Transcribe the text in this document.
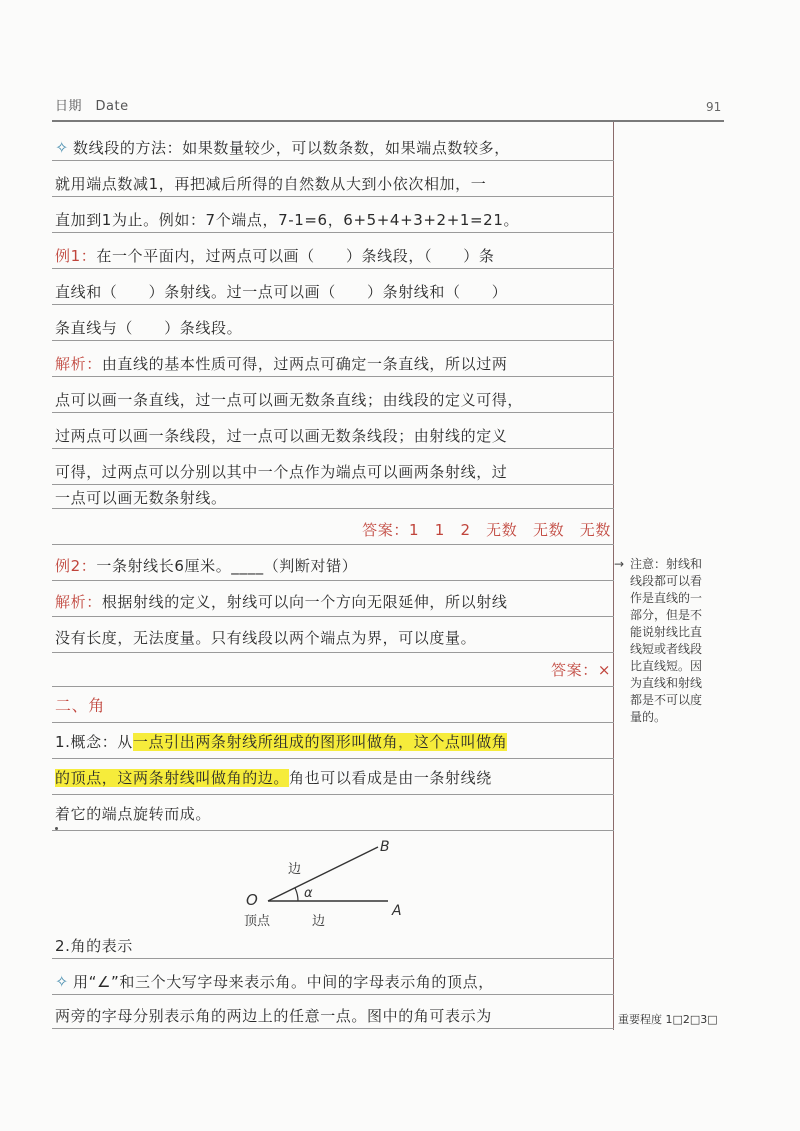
日期　Date	91
✧ 数线段的方法：如果数量较少，可以数条数，如果端点数较多，
就用端点数减1，再把减后所得的自然数从大到小依次相加，一
直加到1为止。例如：7个端点，7-1=6，6+5+4+3+2+1=21。
例1：在一个平面内，过两点可以画（　　）条线段，（　　）条
直线和（　　）条射线。过一点可以画（　　）条射线和（　　）
条直线与（　　）条线段。
解析：由直线的基本性质可得，过两点可确定一条直线，所以过两
点可以画一条直线，过一点可以画无数条直线；由线段的定义可得，
过两点可以画一条线段，过一点可以画无数条线段；由射线的定义
可得，过两点可以分别以其中一个点作为端点可以画两条射线，过
一点可以画无数条射线。
答案：1　1　2　无数　无数　无数
例2：一条射线长6厘米。____（判断对错）
解析：根据射线的定义，射线可以向一个方向无限延伸，所以射线
没有长度，无法度量。只有线段以两个端点为界，可以度量。
答案：×
二、角
1.概念：从一点引出两条射线所组成的图形叫做角，这个点叫做角
的顶点，这两条射线叫做角的边。角也可以看成是由一条射线绕
着它的端点旋转而成。
B
A
O	α
边
顶点	边
2.角的表示
✧ 用“∠”和三个大写字母来表示角。中间的字母表示角的顶点，
两旁的字母分别表示角的两边上的任意一点。图中的角可表示为
→ 注意：射线和
线段都可以看
作是直线的一
部分，但是不
能说射线比直
线短或者线段
比直线短。因
为直线和射线
都是不可以度
量的。
重要程度 1□2□3□
